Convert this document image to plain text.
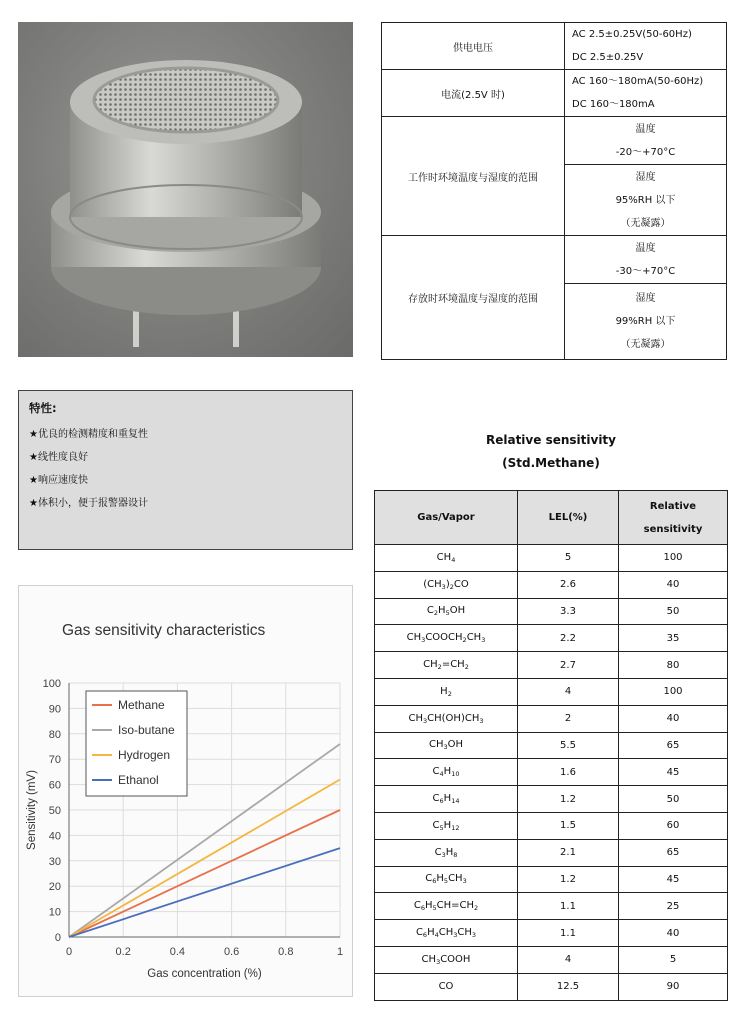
供电电压	AC 2.5±0.25V(50-60Hz)
	DC 2.5±0.25V
电流(2.5V 时)	AC 160～180mA(50-60Hz)
	DC 160～180mA
工作时环境温度与湿度的范围	温度
-20～+70°C

	湿度
95%RH 以下
（无凝露）

存放时环境温度与湿度的范围	温度
-30～+70°C

	湿度
99%RH 以下
（无凝露）
特性:
★优良的检测精度和重复性
★线性度良好
★响应速度快
★体积小，便于报警器设计
Gas sensitivity characteristics
0
10
20
30
40
50
60
70
80
90
100
0	0.2	0.4	0.6	0.8	1
Gas concentration (%)
Sensitivity (mV)
Methane
Iso-butane
Hydrogen
Ethanol
Relative sensitivity
(Std.Methane)
Gas/Vapor	LEL(%)	Relative
sensitivity

$CH_4$	5	100
$(CH_3)_2CO$	2.6	40
$C_2H_5OH$	3.3	50
$CH_3COOCH_2CH_3$	2.2	35
$CH_2=CH_2$	2.7	80
$H_2$	4	100
$CH_3CH(OH)CH_3$	2	40
$CH_3OH$	5.5	65
$C_4H_{10}$	1.6	45
$C_6H_{14}$	1.2	50
$C_5H_{12}$	1.5	60
$C_3H_8$	2.1	65
$C_6H_5CH_3$	1.2	45
$C_6H_5CH=CH_2$	1.1	25
$C_6H_4CH_3CH_3$	1.1	40
$CH_3COOH$	4	5
CO	12.5	90
